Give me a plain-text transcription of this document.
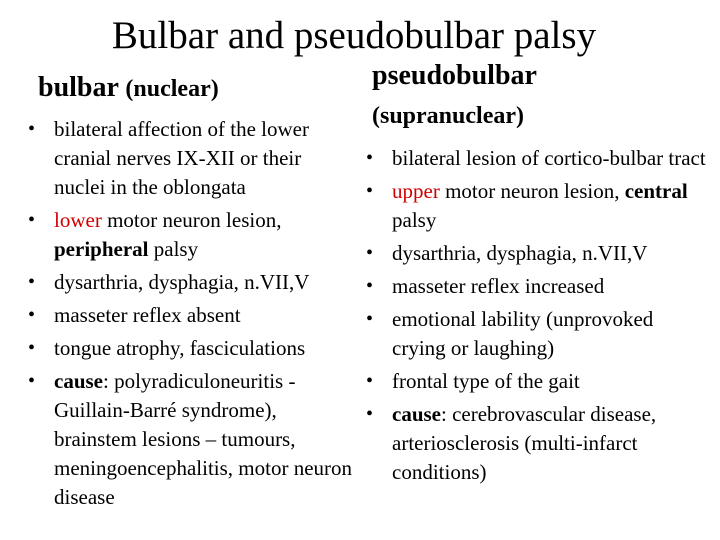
Bulbar and pseudobulbar palsy
bulbar (nuclear)
• bilateral affection of the lower cranial nerves IX-XII or their nuclei in the oblongata
• lower motor neuron lesion, peripheral palsy
• dysarthria, dysphagia, n.VII,V
• masseter reflex absent
• tongue atrophy, fasciculations
• cause: polyradiculoneuritis - Guillain-Barré syndrome), brainstem lesions – tumours, meningoencephalitis, motor neuron disease
pseudobulbar
(supranuclear)
• bilateral lesion of cortico-bulbar tract
• upper motor neuron lesion, central palsy
• dysarthria, dysphagia, n.VII,V
• masseter reflex increased
• emotional lability (unprovoked crying or laughing)
• frontal type of the gait
• cause: cerebrovascular disease, arteriosclerosis (multi-infarct conditions)
